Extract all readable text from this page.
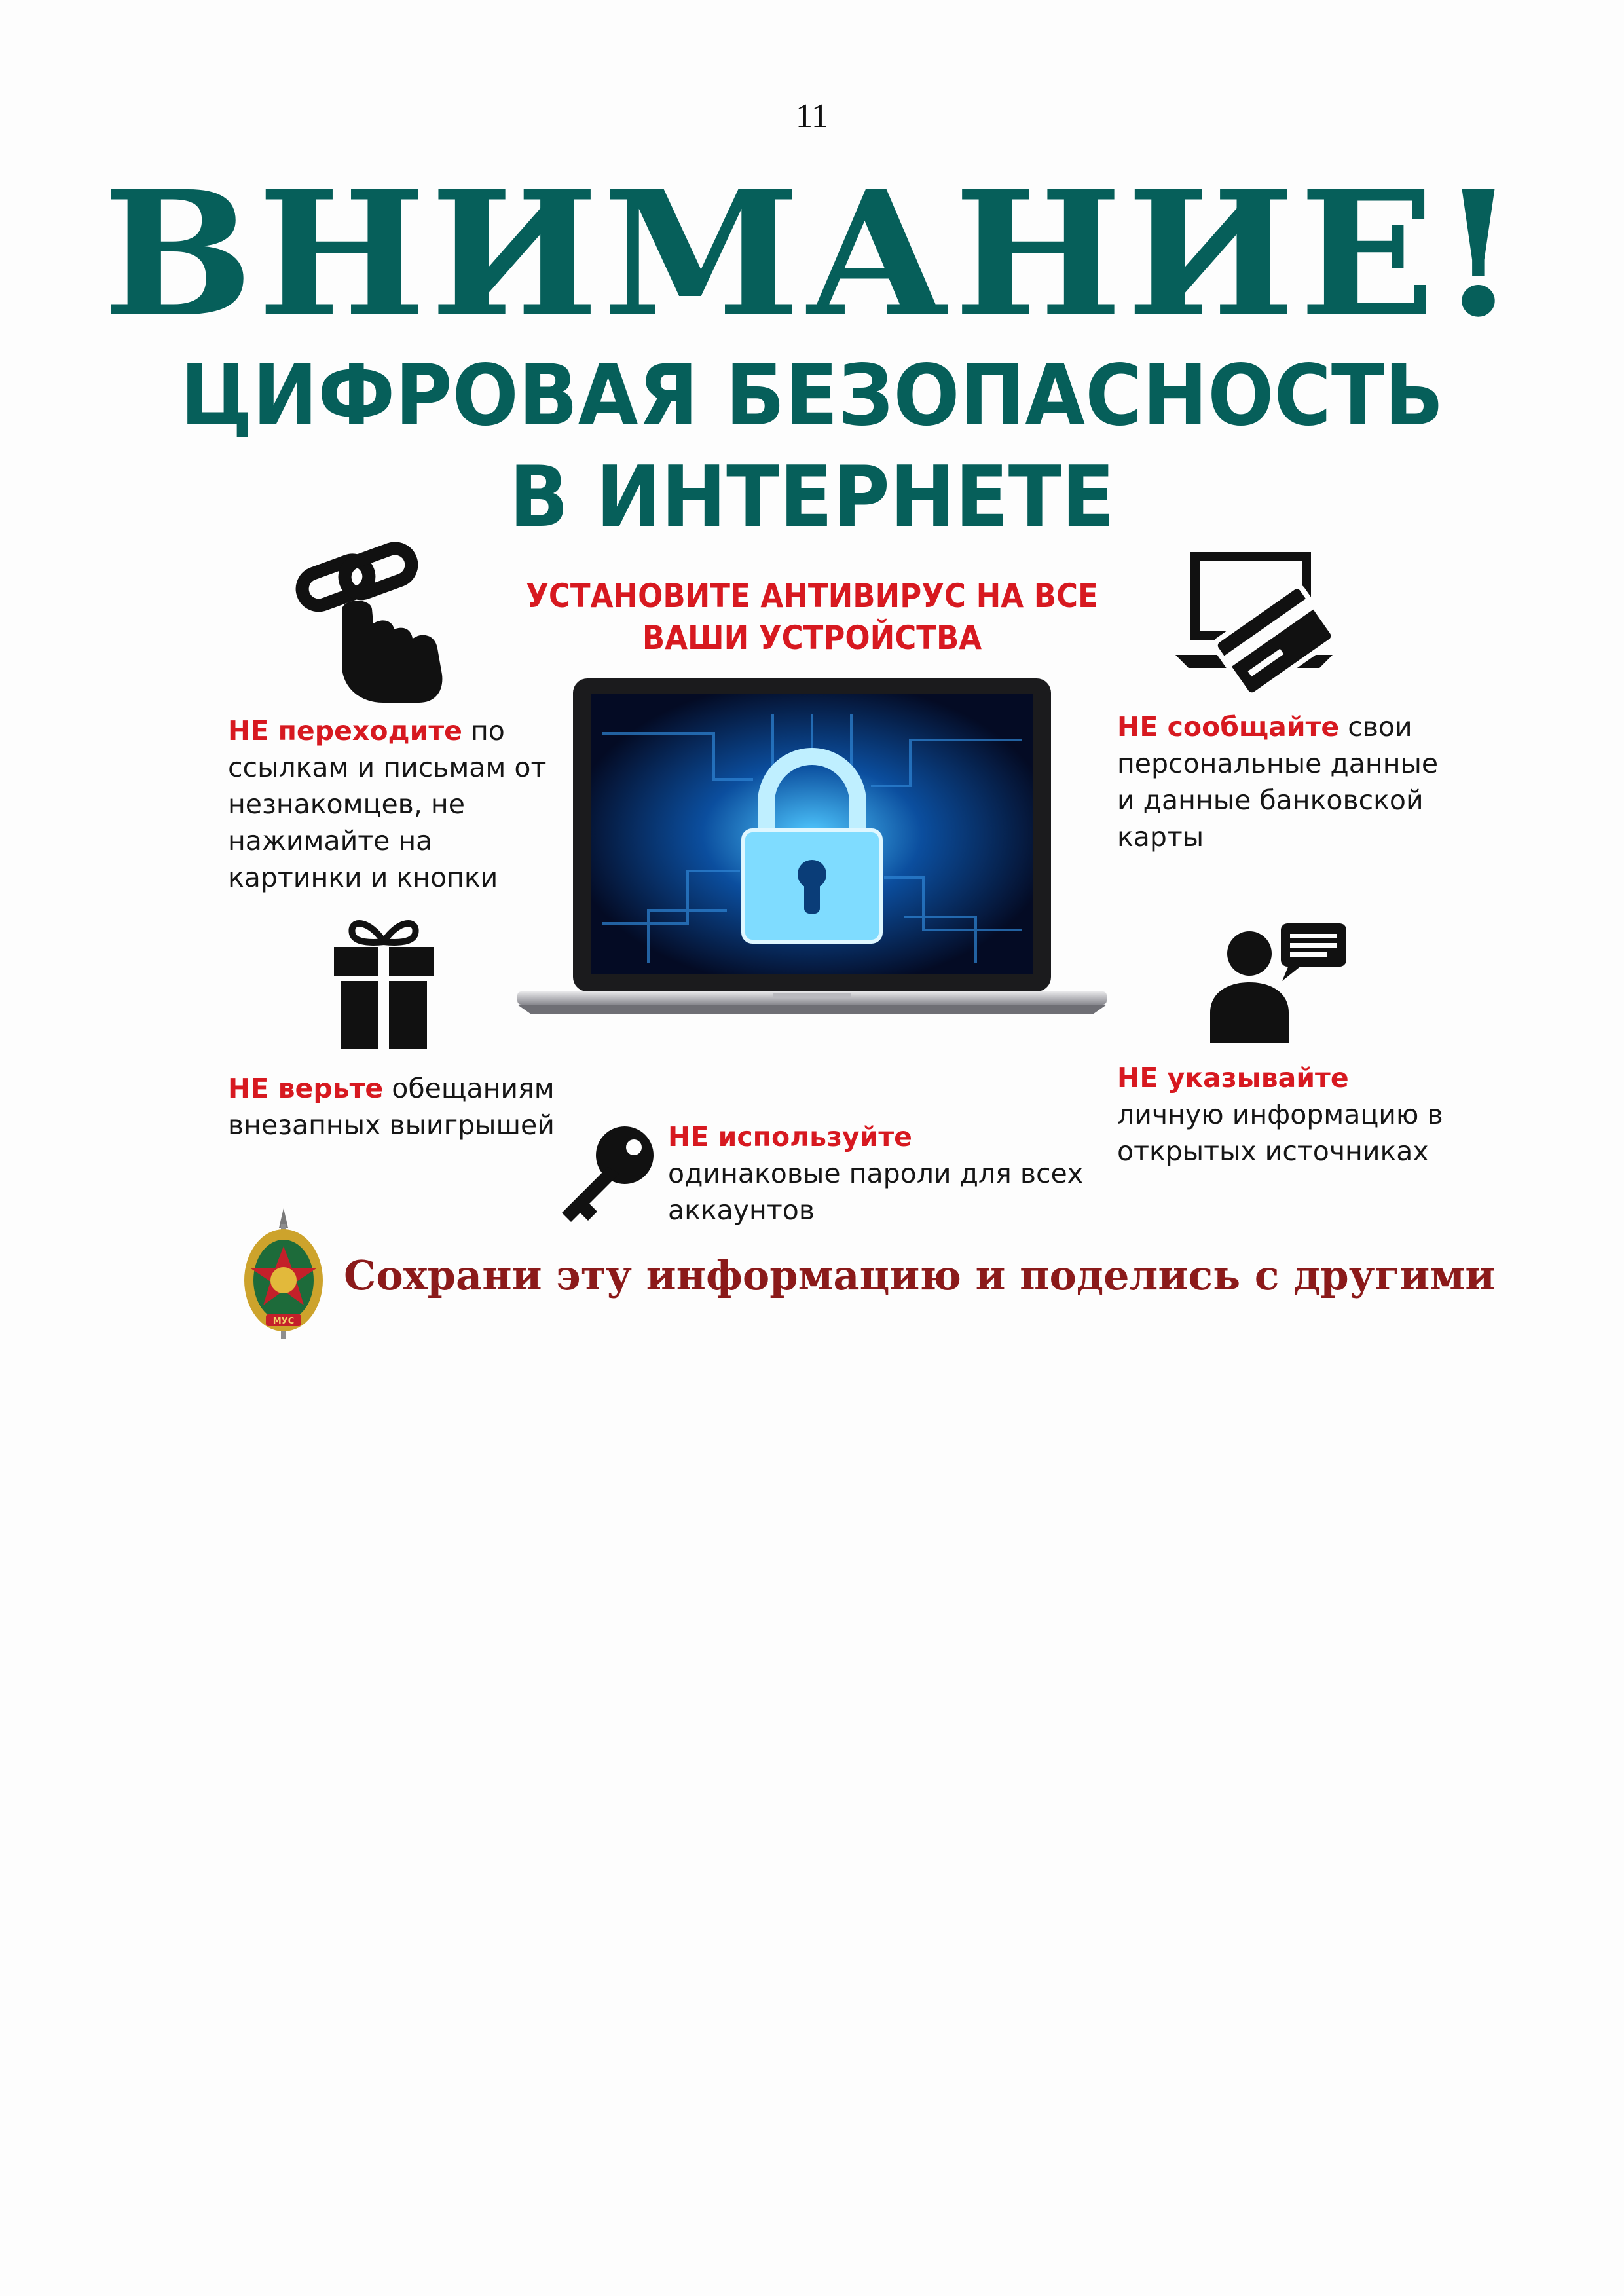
11
ВНИМАНИЕ!
ЦИФРОВАЯ БЕЗОПАСНОСТЬ
В ИНТЕРНЕТЕ
НЕ переходите по ссылкам и письмам от незнакомцев, не нажимайте на картинки и кнопки
УСТАНОВИТЕ АНТИВИРУС НА ВСЕ
ВАШИ УСТРОЙСТВА
НЕ сообщайте свои персональные данные и данные банковской карты
НЕ верьте обещаниям внезапных выигрышей
НЕ указывайте личную информацию в открытых источниках
НЕ используйте одинаковые пароли для всех аккаунтов
МУС
Сохрани эту информацию и поделись с другими
